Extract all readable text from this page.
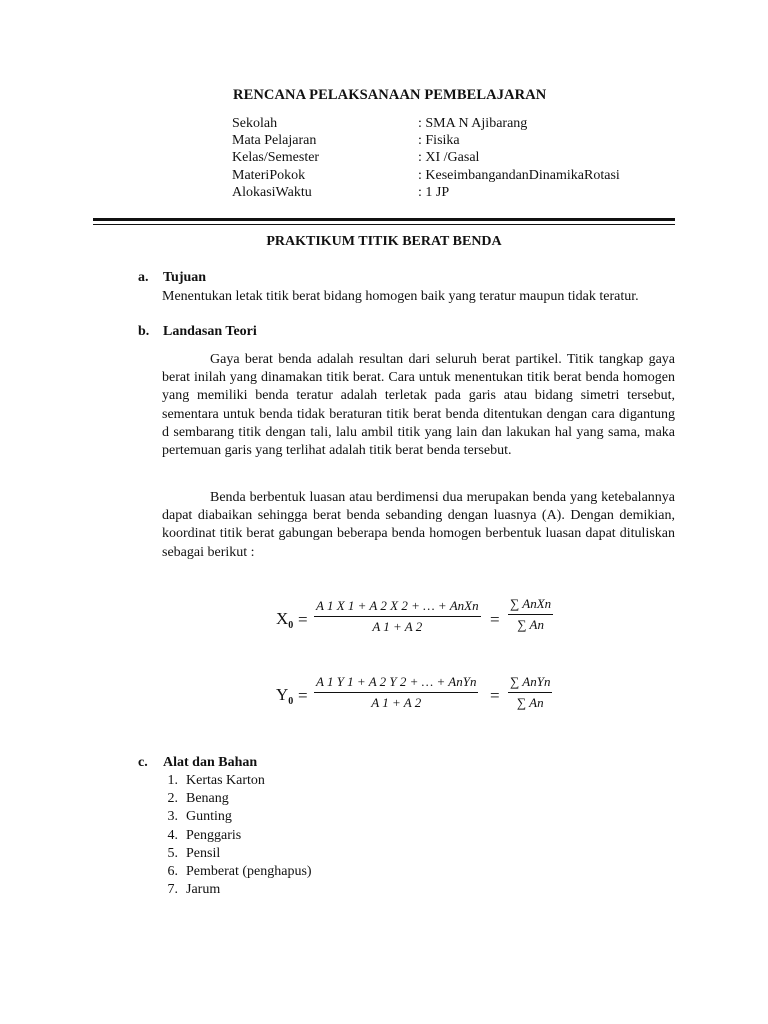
RENCANA PELAKSANAAN PEMBELAJARAN
Sekolah	: SMA N Ajibarang
Mata Pelajaran	: Fisika
Kelas/Semester	: XI /Gasal
MateriPokok	: KeseimbangandanDinamikaRotasi
AlokasiWaktu	: 1 JP
PRAKTIKUM TITIK BERAT BENDA
a. Tujuan

Menentukan letak titik berat bidang homogen baik yang teratur maupun tidak teratur.

b. Landasan Teori

Gaya berat benda adalah resultan dari seluruh berat partikel. Titik tangkap gaya berat inilah yang dinamakan titik berat. Cara untuk menentukan titik berat benda homogen yang memiliki benda teratur adalah terletak pada garis atau bidang simetri tersebut, sementara untuk benda tidak beraturan titik berat benda ditentukan dengan cara digantung d sembarang titik dengan tali, lalu ambil titik yang lain dan lakukan hal yang sama, maka pertemuan garis yang terlihat adalah titik berat benda tersebut.

Benda berbentuk luasan atau berdimensi dua merupakan benda yang ketebalannya dapat diabaikan sehingga berat benda sebanding dengan luasnya (A). Dengan demikian, koordinat titik berat gabungan beberapa benda homogen berbentuk luasan dapat dituliskan sebagai berikut :

$X_0$ =
A 1 X 1 + A 2 X 2 + … + AnXn
A 1 + A 2	=
∑ AnXn
∑ An
$Y_0$ =
A 1 Y 1 + A 2 Y 2 + … + AnYn
A 1 + A 2	=
∑ AnYn
∑ An
c. Alat dan Bahan
1. Kertas Karton
2. Benang
3. Gunting
4. Penggaris
5. Pensil
6. Pemberat (penghapus)
7. Jarum
